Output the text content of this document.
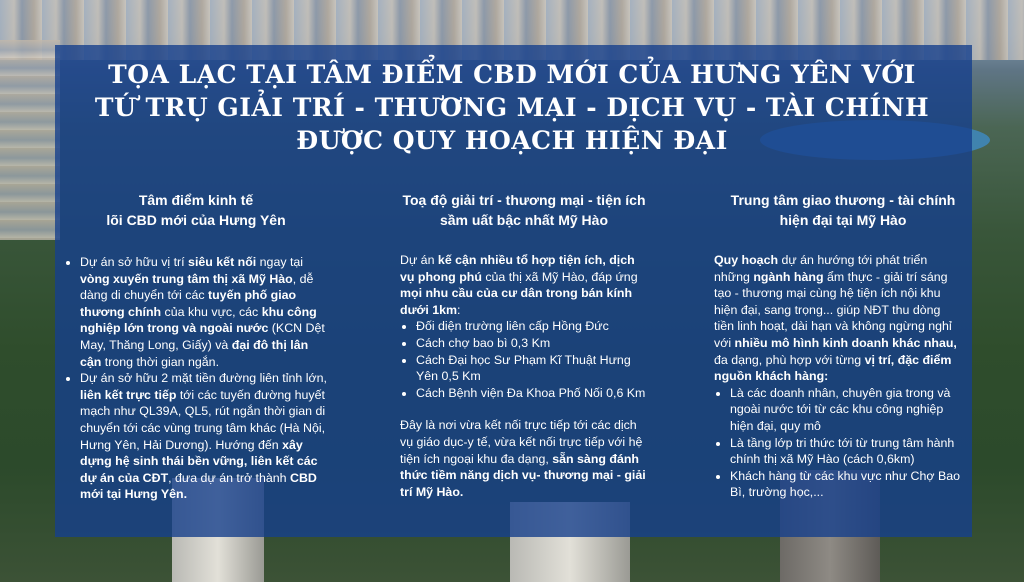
TỌA LẠC TẠI TÂM ĐIỂM CBD MỚI CỦA HƯNG YÊN VỚI
TỨ TRỤ GIẢI TRÍ - THƯƠNG MẠI - DỊCH VỤ - TÀI CHÍNH
ĐƯỢC QUY HOẠCH HIỆN ĐẠI
Tâm điểm kinh tế
lõi CBD mới của Hưng Yên
• Dự án sở hữu vị trí siêu kết nối ngay tại vòng xuyến trung tâm thị xã Mỹ Hào, dễ dàng di chuyển tới các tuyến phố giao thương chính của khu vực, các khu công nghiệp lớn trong và ngoài nước (KCN Dệt May, Thăng Long, Giấy) và đại đô thị lân cận trong thời gian ngắn.
• Dự án sở hữu 2 mặt tiền đường liên tỉnh lớn, liên kết trực tiếp tới các tuyến đường huyết mạch như QL39A, QL5, rút ngắn thời gian di chuyển tới các vùng trung tâm khác (Hà Nội, Hưng Yên, Hải Dương). Hướng đến xây dựng hệ sinh thái bền vững, liên kết các dự án của CĐT, đưa dự án trở thành CBD mới tại Hưng Yên.
Toạ độ giải trí - thương mại - tiện ích
sầm uất bậc nhất Mỹ Hào

Dự án kế cận nhiều tổ hợp tiện ích, dịch vụ phong phú của thị xã Mỹ Hào, đáp ứng mọi nhu cầu của cư dân trong bán kính dưới 1km:

• Đối diện trường liên cấp Hồng Đức
• Cách chợ bao bì 0,3 Km
• Cách Đại học Sư Phạm Kĩ Thuật Hưng Yên 0,5 Km
• Cách Bệnh viện Đa Khoa Phố Nối 0,6 Km

Đây là nơi vừa kết nối trực tiếp tới các dịch vụ giáo dục-y tế, vừa kết nối trực tiếp với hệ tiện ích ngoại khu đa dạng, sẵn sàng đánh thức tiềm năng dịch vụ- thương mại - giải trí Mỹ Hào.

Trung tâm giao thương - tài chính
hiện đại tại Mỹ Hào

Quy hoạch dự án hướng tới phát triển những ngành hàng ẩm thực - giải trí sáng tạo - thương mại cùng hệ tiện ích nội khu hiện đại, sang trọng... giúp NĐT thu dòng tiền linh hoạt, dài hạn và không ngừng nghỉ với nhiều mô hình kinh doanh khác nhau, đa dạng, phù hợp với từng vị trí, đặc điểm nguồn khách hàng:

• Là các doanh nhân, chuyên gia trong và ngoài nước tới từ các khu công nghiệp hiện đại, quy mô
• Là tầng lớp tri thức tới từ trung tâm hành chính thị xã Mỹ Hào (cách 0,6km)
• Khách hàng từ các khu vực như Chợ Bao Bì, trường học,...
